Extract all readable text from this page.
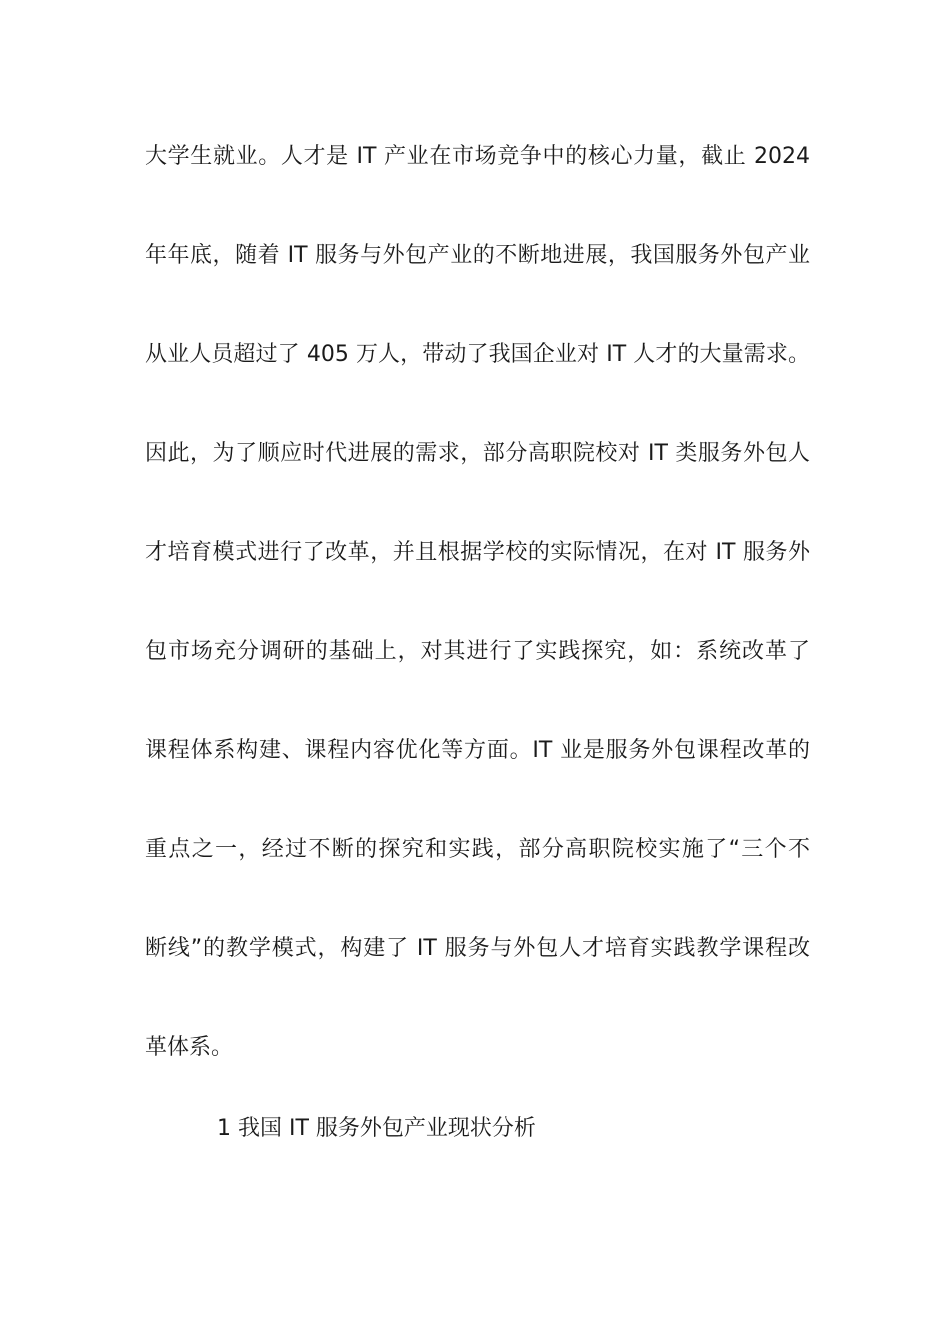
大学生就业。人才是 IT 产业在市场竞争中的核心力量，截止 2024
年年底，随着 IT 服务与外包产业的不断地进展，我国服务外包产业
从业人员超过了 405 万人，带动了我国企业对 IT 人才的大量需求。
因此，为了顺应时代进展的需求，部分高职院校对 IT 类服务外包人
才培育模式进行了改革，并且根据学校的实际情况，在对 IT 服务外
包市场充分调研的基础上，对其进行了实践探究，如：系统改革了
课程体系构建、课程内容优化等方面。IT 业是服务外包课程改革的
重点之一，经过不断的探究和实践，部分高职院校实施了“三个不
断线”的教学模式，构建了 IT 服务与外包人才培育实践教学课程改
革体系。
1 我国 IT 服务外包产业现状分析
